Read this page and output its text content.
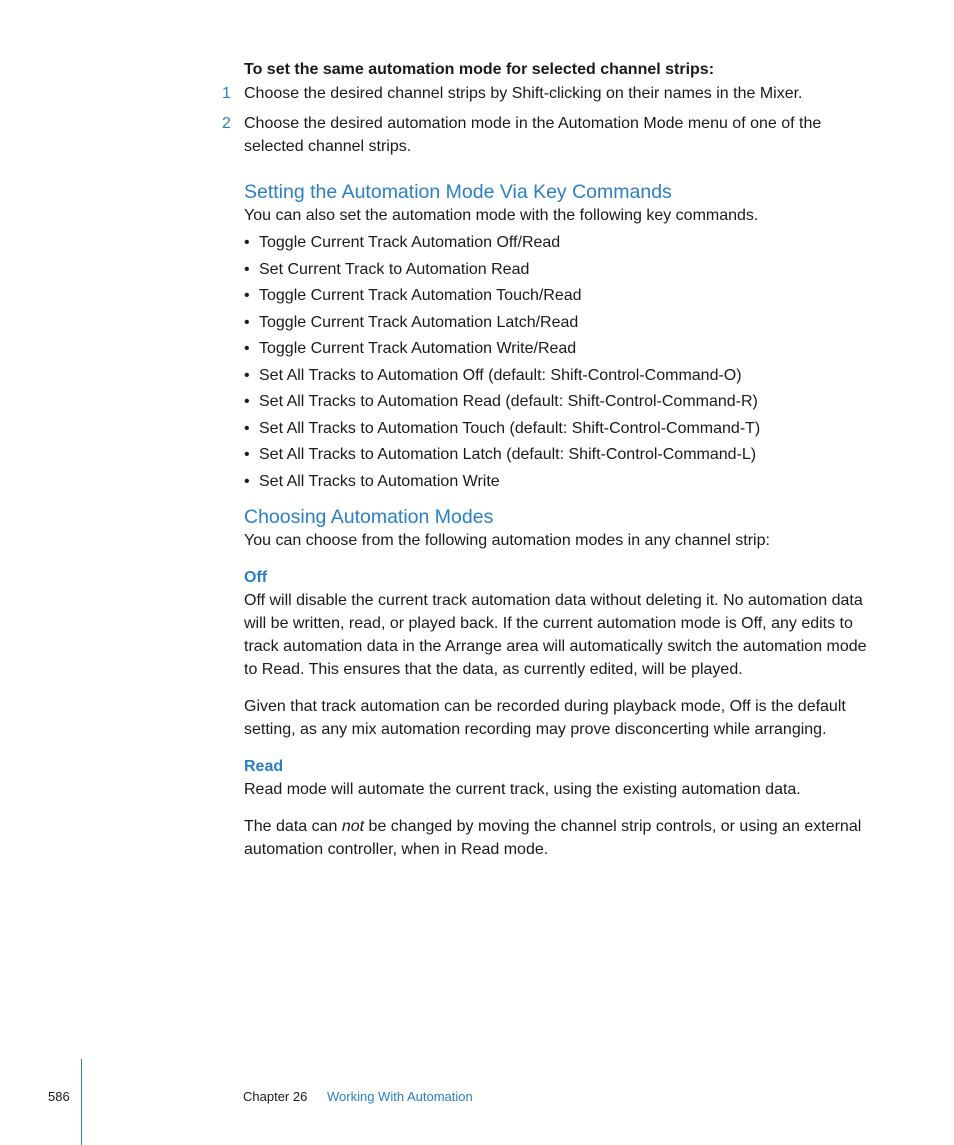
To set the same automation mode for selected channel strips:

1 Choose the desired channel strips by Shift-clicking on their names in the Mixer.
2 Choose the desired automation mode in the Automation Mode menu of one of the selected channel strips.
Setting the Automation Mode Via Key Commands

You can also set the automation mode with the following key commands.

• Toggle Current Track Automation Off/Read
• Set Current Track to Automation Read
• Toggle Current Track Automation Touch/Read
• Toggle Current Track Automation Latch/Read
• Toggle Current Track Automation Write/Read
• Set All Tracks to Automation Off (default: Shift-Control-Command-O)
• Set All Tracks to Automation Read (default: Shift-Control-Command-R)
• Set All Tracks to Automation Touch (default: Shift-Control-Command-T)
• Set All Tracks to Automation Latch (default: Shift-Control-Command-L)
• Set All Tracks to Automation Write
Choosing Automation Modes

You can choose from the following automation modes in any channel strip:

Off

Off will disable the current track automation data without deleting it. No automation data will be written, read, or played back. If the current automation mode is Off, any edits to track automation data in the Arrange area will automatically switch the automation mode to Read. This ensures that the data, as currently edited, will be played.

Given that track automation can be recorded during playback mode, Off is the default setting, as any mix automation recording may prove disconcerting while arranging.

Read

Read mode will automate the current track, using the existing automation data.

The data can not be changed by moving the channel strip controls, or using an external automation controller, when in Read mode.

586	Chapter 26 Working With Automation
